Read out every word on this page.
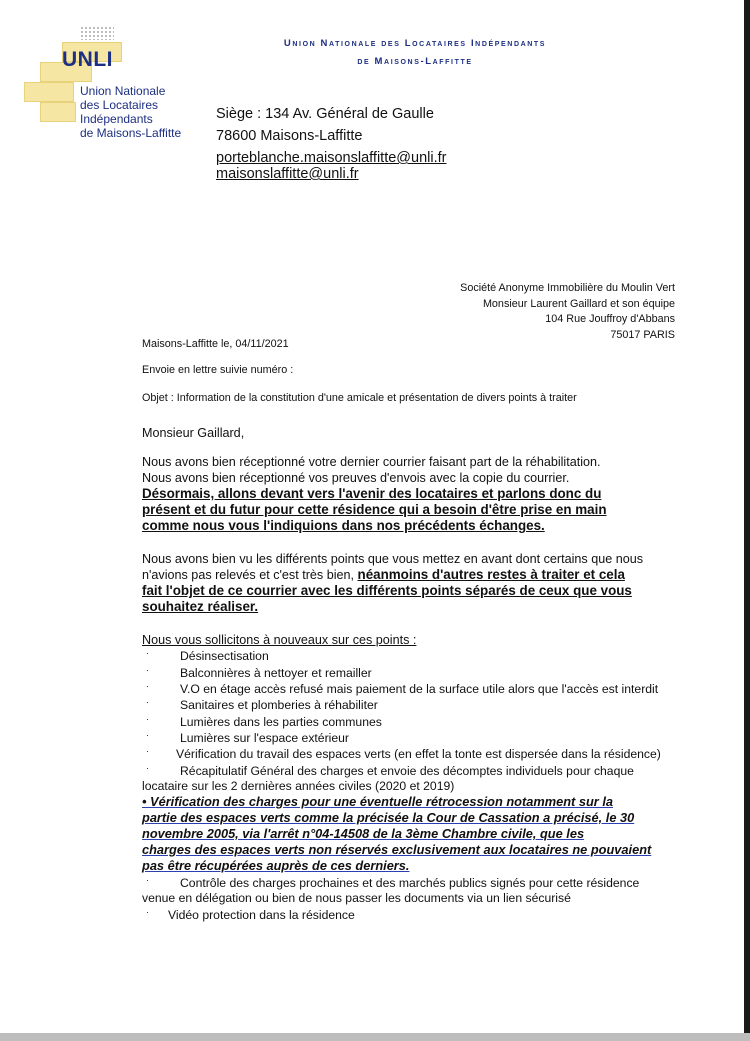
UNLI
Union Nationale
des Locataires
Indépendants
de Maisons-Laffitte
Union Nationale des Locataires Indépendants
de Maisons-Laffitte
Siège : 134 Av. Général de Gaulle
78600 Maisons-Laffitte
porteblanche.maisonslaffitte@unli.fr
maisonslaffitte@unli.fr
Société Anonyme Immobilière du Moulin Vert
Monsieur Laurent Gaillard et son équipe
104 Rue Jouffroy d'Abbans
75017 PARIS
Maisons-Laffitte le, 04/11/2021
Envoie en lettre suivie numéro :
Objet : Information de la constitution d'une amicale et présentation de divers points à traiter
Monsieur Gaillard,
Nous avons bien réceptionné votre dernier courrier faisant part de la réhabilitation.
Nous avons bien réceptionné vos preuves d'envois avec la copie du courrier.
Désormais, allons devant vers l'avenir des locataires et parlons donc du
présent et du futur pour cette résidence qui a besoin d'être prise en main
comme nous vous l'indiquions dans nos précédents échanges.
Nous avons bien vu les différents points que vous mettez en avant dont certains que nous
n'avions pas relevés et c'est très bien, néanmoins d'autres restes à traiter et cela
fait l'objet de ce courrier avec les différents points séparés de ceux que vous
souhaitez réaliser.
Nous vous sollicitons à nouveaux sur ces points :
·	Désinsectisation
·	Balconnières à nettoyer et remailler
·	V.O en étage accès refusé mais paiement de la surface utile alors que l'accès est interdit
·	Sanitaires et plomberies à réhabiliter
·	Lumières dans les parties communes
·	Lumières sur l'espace extérieur
· Vérification du travail des espaces verts (en effet la tonte est dispersée dans la résidence)
·	Récapitulatif Général des charges et envoie des décomptes individuels pour chaque
locataire sur les 2 dernières années civiles (2020 et 2019)
• Vérification des charges pour une éventuelle rétrocession notamment sur la
partie des espaces verts comme la précisée la Cour de Cassation a précisé, le 30
novembre 2005, via l'arrêt n°04-14508 de la 3ème Chambre civile, que les
charges des espaces verts non réservés exclusivement aux locataires ne pouvaient
pas être récupérées auprès de ces derniers.
·	Contrôle des charges prochaines et des marchés publics signés pour cette résidence
venue en délégation ou bien de nous passer les documents via un lien sécurisé
· Vidéo protection dans la résidence
